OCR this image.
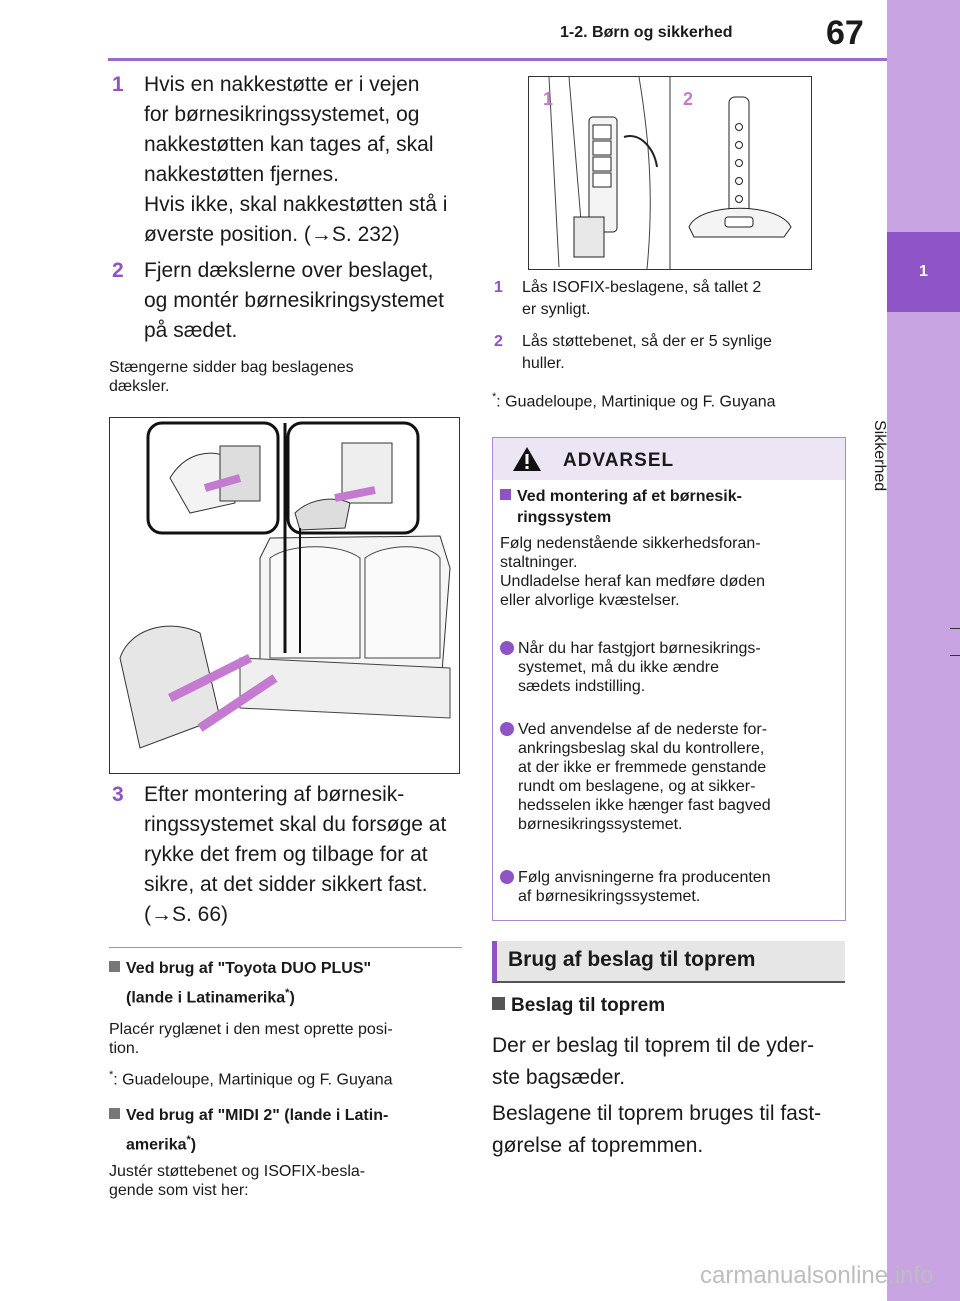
1-2. Børn og sikkerhed	67
1
Sikkerhed
1 Hvis en nakkestøtte er i vejen
for børnesikringssystemet, og
nakkestøtten kan tages af, skal
nakkestøtten fjernes.
Hvis ikke, skal nakkestøtten stå i
øverste position. (→S. 232)
2 Fjern dækslerne over beslaget,
og montér børnesikringsystemet
på sædet.
Stængerne sidder bag beslagenes
dæksler.
3 Efter montering af børnesik-
ringssystemet skal du forsøge at
rykke det frem og tilbage for at
sikre, at det sidder sikkert fast.
(→S. 66)
Ved brug af "Toyota DUO PLUS"
(lande i Latinamerika*)
Placér ryglænet i den mest oprette posi-
tion.
*: Guadeloupe, Martinique og F. Guyana
Ved brug af "MIDI 2" (lande i Latin-
amerika*)
Justér støttebenet og ISOFIX-besla-
gende som vist her:
1	2
1 Lås ISOFIX-beslagene, så tallet 2
er synligt.
2 Lås støttebenet, så der er 5 synlige
huller.
*: Guadeloupe, Martinique og F. Guyana
ADVARSEL
Ved montering af et børnesik-
ringssystem
Følg nedenstående sikkerhedsforan-
staltninger.
Undladelse heraf kan medføre døden
eller alvorlige kvæstelser.
Når du har fastgjort børnesikrings-
systemet, må du ikke ændre
sædets indstilling.
Ved anvendelse af de nederste for-
ankringsbeslag skal du kontrollere,
at der ikke er fremmede genstande
rundt om beslagene, og at sikker-
hedsselen ikke hænger fast bagved
børnesikringssystemet.
Følg anvisningerne fra producenten
af børnesikringssystemet.
Brug af beslag til toprem
Beslag til toprem
Der er beslag til toprem til de yder-
ste bagsæder.
Beslagene til toprem bruges til fast-
gørelse af topremmen.
carmanualsonline.info
